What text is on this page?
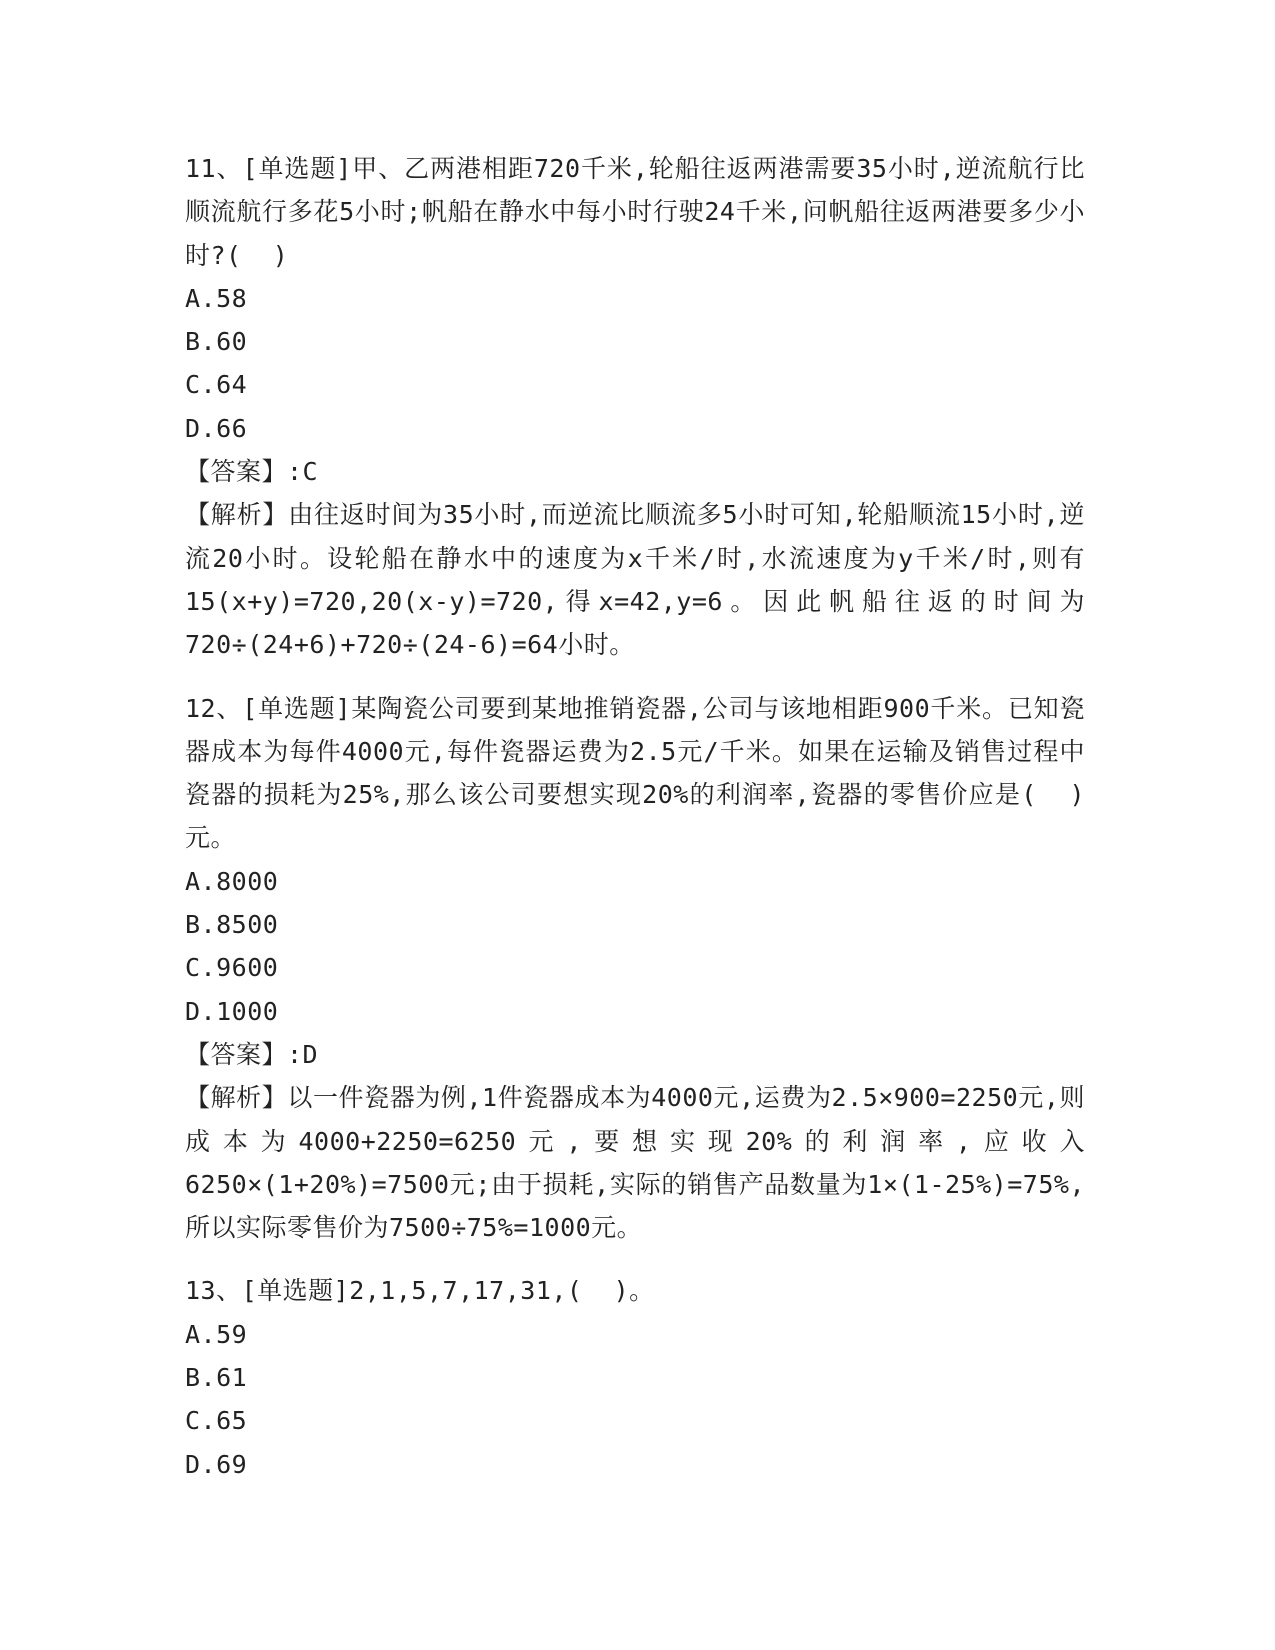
11、[单选题]甲、乙两港相距720千米,轮船往返两港需要35小时,逆流航行比顺流航行多花5小时;帆船在静水中每小时行驶24千米,问帆船往返两港要多少小时?(  )
A.58
B.60
C.64
D.66
【答案】:C
【解析】由往返时间为35小时,而逆流比顺流多5小时可知,轮船顺流15小时,逆流20小时。设轮船在静水中的速度为x千米/时,水流速度为y千米/时,则有15(x+y)=720,20(x-y)=720,得x=42,y=6。因此帆船往返的时间为720÷(24+6)+720÷(24-6)=64小时。
12、[单选题]某陶瓷公司要到某地推销瓷器,公司与该地相距900千米。已知瓷器成本为每件4000元,每件瓷器运费为2.5元/千米。如果在运输及销售过程中瓷器的损耗为25%,那么该公司要想实现20%的利润率,瓷器的零售价应是(  )元。
A.8000
B.8500
C.9600
D.1000
【答案】:D
【解析】以一件瓷器为例,1件瓷器成本为4000元,运费为2.5×900=2250元,则成本为4000+2250=6250元,要想实现20%的利润率,应收入6250×(1+20%)=7500元;由于损耗,实际的销售产品数量为1×(1-25%)=75%,所以实际零售价为7500÷75%=1000元。
13、[单选题]2,1,5,7,17,31,(  )。
A.59
B.61
C.65
D.69
